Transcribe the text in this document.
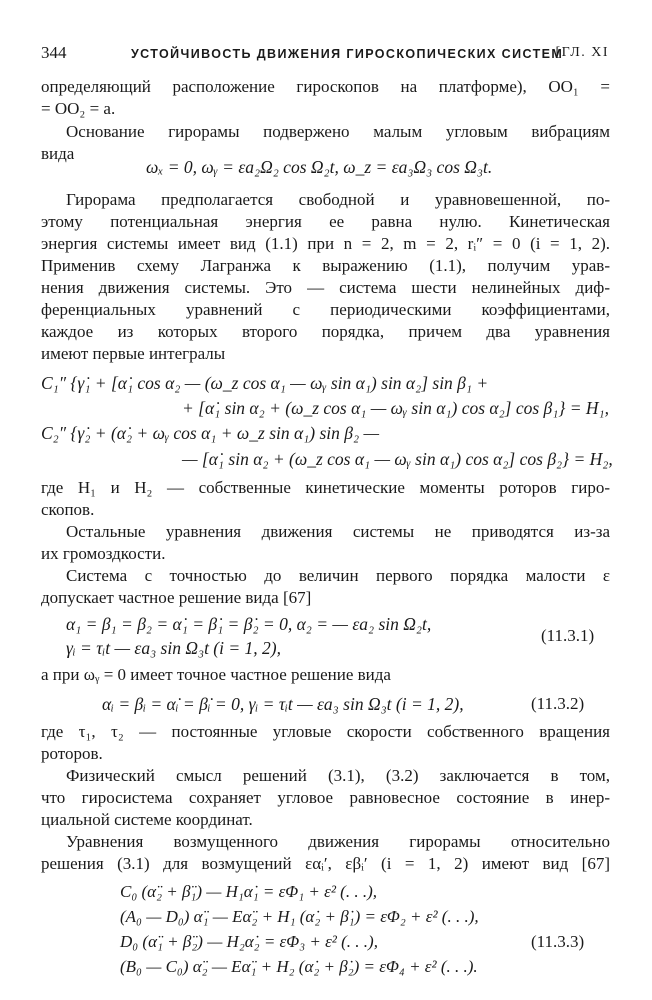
344	УСТОЙЧИВОСТЬ ДВИЖЕНИЯ ГИРОСКОПИЧЕСКИХ СИСТЕМ
[ГЛ. XI
определяющий расположение гироскопов на платформе), OO₁ =
= OO₂ = a.
Основание гирорамы подвержено малым угловым вибрациям
вида
ωₓ = 0, ωᵧ = εa₂Ω₂ cos Ω₂t, ω_z = εa₃Ω₃ cos Ω₃t.
Гирорама предполагается свободной и уравновешенной, по-
этому потенциальная энергия ее равна нулю. Кинетическая
энергия системы имеет вид (1.1) при n = 2, m = 2, rᵢ″ = 0 (i = 1, 2).
Применив схему Лагранжа к выражению (1.1), получим урав-
нения движения системы. Это — система шести нелинейных диф-
ференциальных уравнений с периодическими коэффициентами,
каждое из которых второго порядка, причем два уравнения
имеют первые интегралы
C₁″ {γ̇₁ + [α̇₁ cos α₂ — (ω_z cos α₁ — ωᵧ sin α₁) sin α₂] sin β₁ +
+ [α̇₁ sin α₂ + (ω_z cos α₁ — ωᵧ sin α₁) cos α₂] cos β₁} = H₁,
C₂″ {γ̇₂ + (α̇₂ + ωᵧ cos α₁ + ω_z sin α₁) sin β₂ —
— [α̇₁ sin α₂ + (ω_z cos α₁ — ωᵧ sin α₁) cos α₂] cos β₂} = H₂,
где H₁ и H₂ — собственные кинетические моменты роторов гиро-
скопов.
Остальные уравнения движения системы не приводятся из-за
их громоздкости.
Система с точностью до величин первого порядка малости ε
допускает частное решение вида [67]
α₁ = β₁ = β₂ = α̇₁ = β̇₁ = β̇₂ = 0, α₂ = — εa₂ sin Ω₂t,
γᵢ = τᵢt — εa₃ sin Ω₃t (i = 1, 2),
(11.3.1)
а при ωᵧ = 0 имеет точное частное решение вида
αᵢ = βᵢ = α̇ᵢ = β̇ᵢ = 0, γᵢ = τᵢt — εa₃ sin Ω₃t (i = 1, 2),	(11.3.2)
где τ₁, τ₂ — постоянные угловые скорости собственного вращения
роторов.
Физический смысл решений (3.1), (3.2) заключается в том,
что гиросистема сохраняет угловое равновесное состояние в инер-
циальной системе координат.
Уравнения возмущенного движения гирорамы относительно
решения (3.1) для возмущений εαᵢ′, εβᵢ′ (i = 1, 2) имеют вид [67]
C₀ (α̈₂ + β̈₁) — H₁α̇₁ = εΦ₁ + ε² (. . .),
(A₀ — D₀) α̈₁ — Eα̈₂ + H₁ (α̇₂ + β̇₁) = εΦ₂ + ε² (. . .),
D₀ (α̈₁ + β̈₂) — H₂α̇₂ = εΦ₃ + ε² (. . .),
(B₀ — C₀) α̈₂ — Eα̈₁ + H₂ (α̇₂ + β̇₂) = εΦ₄ + ε² (. . .).
(11.3.3)
